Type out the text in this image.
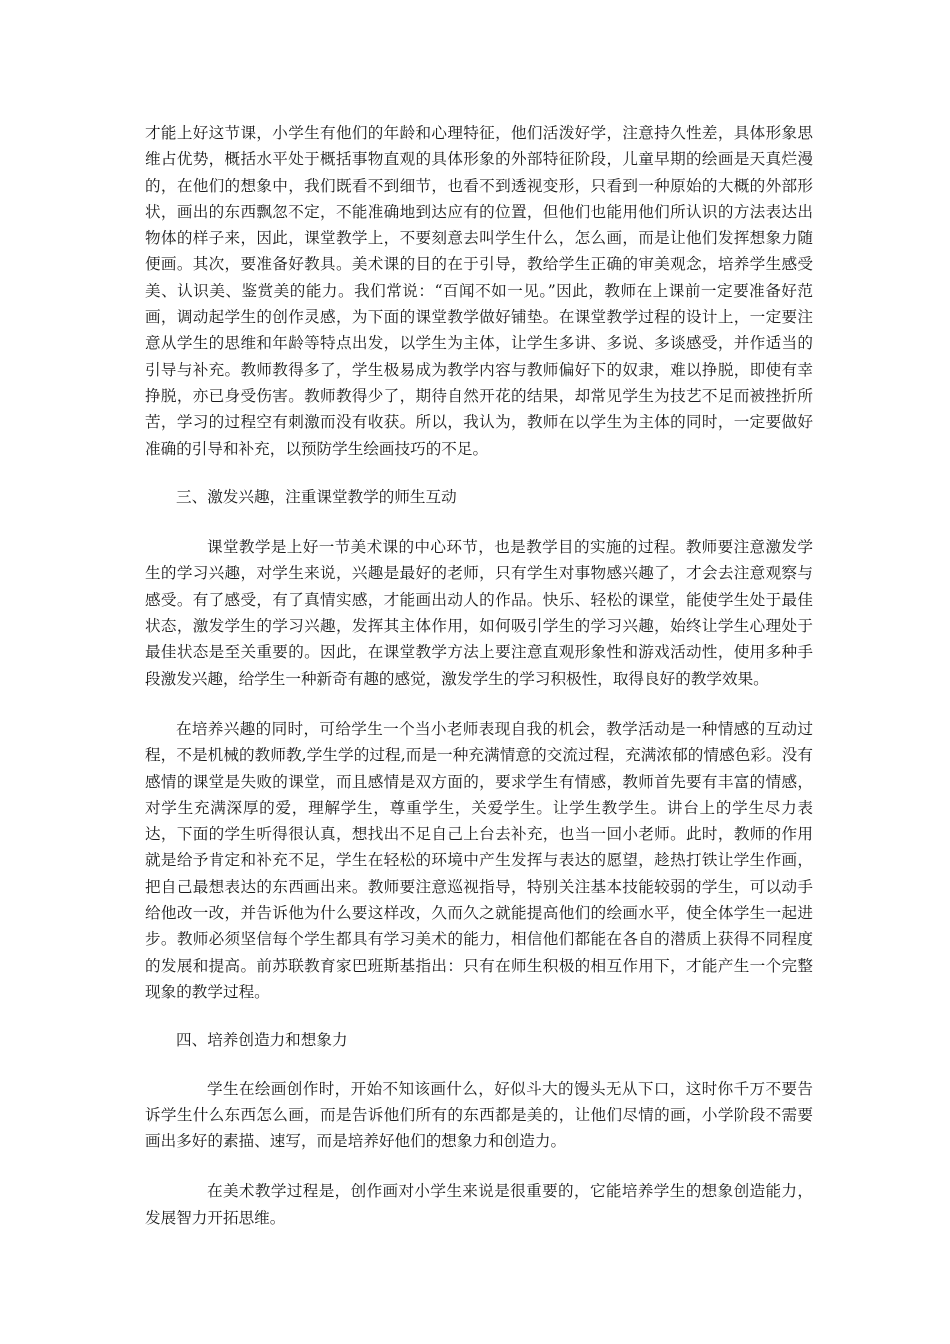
才能上好这节课，小学生有他们的年龄和心理特征，他们活泼好学，注意持久性差，具体形象思维占优势，概括水平处于概括事物直观的具体形象的外部特征阶段，儿童早期的绘画是天真烂漫的，在他们的想象中，我们既看不到细节，也看不到透视变形，只看到一种原始的大概的外部形状，画出的东西飘忽不定，不能准确地到达应有的位置，但他们也能用他们所认识的方法表达出物体的样子来，因此，课堂教学上，不要刻意去叫学生什么，怎么画，而是让他们发挥想象力随便画。其次，要准备好教具。美术课的目的在于引导，教给学生正确的审美观念，培养学生感受美、认识美、鉴赏美的能力。我们常说：“百闻不如一见。”因此，教师在上课前一定要准备好范画，调动起学生的创作灵感，为下面的课堂教学做好铺垫。在课堂教学过程的设计上，一定要注意从学生的思维和年龄等特点出发，以学生为主体，让学生多讲、多说、多谈感受，并作适当的引导与补充。教师教得多了，学生极易成为教学内容与教师偏好下的奴隶，难以挣脱，即使有幸挣脱，亦已身受伤害。教师教得少了，期待自然开花的结果，却常见学生为技艺不足而被挫折所苦，学习的过程空有刺激而没有收获。所以，我认为，教师在以学生为主体的同时，一定要做好准确的引导和补充，以预防学生绘画技巧的不足。

三、激发兴趣，注重课堂教学的师生互动

课堂教学是上好一节美术课的中心环节，也是教学目的实施的过程。教师要注意激发学生的学习兴趣，对学生来说，兴趣是最好的老师，只有学生对事物感兴趣了，才会去注意观察与感受。有了感受，有了真情实感，才能画出动人的作品。快乐、轻松的课堂，能使学生处于最佳状态，激发学生的学习兴趣，发挥其主体作用，如何吸引学生的学习兴趣，始终让学生心理处于最佳状态是至关重要的。因此，在课堂教学方法上要注意直观形象性和游戏活动性，使用多种手段激发兴趣，给学生一种新奇有趣的感觉，激发学生的学习积极性，取得良好的教学效果。

在培养兴趣的同时，可给学生一个当小老师表现自我的机会，教学活动是一种情感的互动过程，不是机械的教师教,学生学的过程,而是一种充满情意的交流过程，充满浓郁的情感色彩。没有感情的课堂是失败的课堂，而且感情是双方面的，要求学生有情感，教师首先要有丰富的情感，对学生充满深厚的爱，理解学生，尊重学生，关爱学生。让学生教学生。讲台上的学生尽力表达，下面的学生听得很认真，想找出不足自己上台去补充，也当一回小老师。此时，教师的作用就是给予肯定和补充不足，学生在轻松的环境中产生发挥与表达的愿望，趁热打铁让学生作画，把自己最想表达的东西画出来。教师要注意巡视指导，特别关注基本技能较弱的学生，可以动手给他改一改，并告诉他为什么要这样改，久而久之就能提高他们的绘画水平，使全体学生一起进步。教师必须坚信每个学生都具有学习美术的能力，相信他们都能在各自的潜质上获得不同程度的发展和提高。前苏联教育家巴班斯基指出：只有在师生积极的相互作用下，才能产生一个完整现象的教学过程。

四、培养创造力和想象力

学生在绘画创作时，开始不知该画什么，好似斗大的馒头无从下口，这时你千万不要告诉学生什么东西怎么画，而是告诉他们所有的东西都是美的，让他们尽情的画，小学阶段不需要画出多好的素描、速写，而是培养好他们的想象力和创造力。

在美术教学过程是，创作画对小学生来说是很重要的，它能培养学生的想象创造能力，发展智力开拓思维。
